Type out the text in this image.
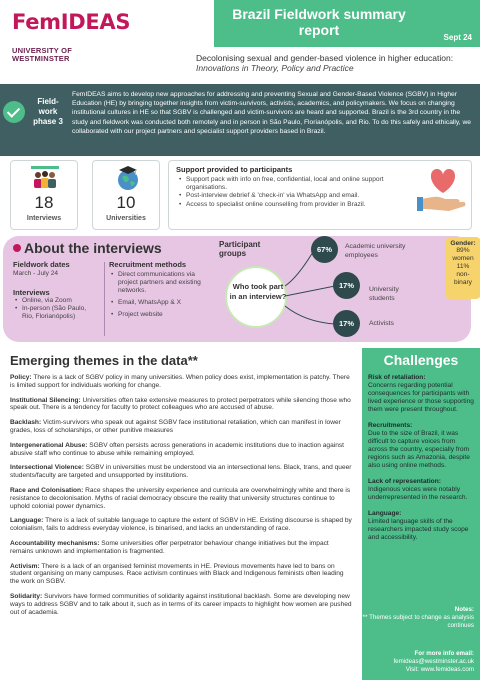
FemIDEAS	Brazil Fieldwork summary report	Sept 24
UNIVERSITY OF
WESTMINSTER	Decolonising sexual and gender-based violence in higher education:
Innovations in Theory, Policy and Practice
Field-work phase 3
FemIDEAS aims to develop new approaches for addressing and preventing Sexual and Gender-Based Violence (SGBV) in Higher Education (HE) by bringing together insights from victim-survivors, activists, academics, and policymakers. We focus on changing institutional cultures in HE so that SGBV is challenged and victim-survivors are heard and supported. Brazil is the 3rd country in the study and fieldwork was conducted both remotely and in person in São Paulo, Florianópolis, and Rio. To do this safely and ethically, we collaborated with our project partners and specialist support providers based in Brazil.
18
Interviews
10
Universities
Support provided to participants
• Support pack with info on free, confidential, local and online support organisations.
• Post-interview debrief & 'check-in' via WhatsApp and email.
• Access to specialist online counselling from provider in Brazil.
About the interviews
Fieldwork dates
March - July 24
Interviews
• Online, via Zoom
• In-person (São Paulo, Rio, Florianópolis)
Recruitment methods
• Direct communications via project partners and existing networks.
• Email, WhatsApp & X
• Project website
Participant groups
Who took part in an interview?
67%	Academic university employees
17%	University students
17%	Activists
Gender:
89%
women
11%
non-
binary
Emerging themes in the data**

Policy: There is a lack of SGBV policy in many universities. When policy does exist, implementation is patchy. There is limited support for individuals working for change.

Institutional Silencing: Universities often take extensive measures to protect perpetrators while silencing those who speak out. There is a tendency for faculty to protect colleagues who are accused of abuse.

Backlash: Victim-survivors who speak out against SGBV face institutional retaliation, which can manifest in lower grades, loss of scholarships, or other punitive measures

Intergenerational Abuse: SGBV often persists across generations in academic institutions due to inaction against abusive staff who continue to abuse while remaining employed.

Intersectional Violence: SGBV in universities must be understood via an intersectional lens. Black, trans, and queer students/faculty are targeted and unsupported by institutions.

Race and Colonisation: Race shapes the university experience and curricula are overwhelmingly white and there is resistance to decolonisation. Myths of racial democracy obscure the reality that university structures continue to uphold colonial power dynamics.

Language: There is a lack of suitable language to capture the extent of SGBV in HE. Existing discourse is shaped by colonialism, fails to address everyday violence, is binarised, and lacks an understanding of race.

Accountability mechanisms: Some universities offer perpetrator behaviour change initiatives but the impact remains unknown and implementation is fragmented.

Activism: There is a lack of an organised feminist movements in HE. Previous movements have led to bans on student organising on many campuses. Race activism continues with Black and Indigenous feminists often leading the work on SGBV.

Solidarity: Survivors have formed communities of solidarity against institutional backlash. Some are developing new ways to address SGBV and to talk about it, such as in terms of its career impacts to highlight how women are pushed out of academia.

Challenges

Risk of retaliation:
Concerns regarding potential consequences for participants with lived experience or those supporting them were present throughout.

Recruitments:
Due to the size of Brazil, it was difficult to capture voices from across the country, especially from regions such as Amazonia, despite also using online methods.

Lack of representation:
Indigenous voices were notably underrepresented in the research.

Language:
Limited language skills of the researchers impacted study scope and accessibility.

Notes:
** Themes subject to change as analysis continues
For more info email:
femideas@westminster.ac.uk
Visit: www.femideas.com
